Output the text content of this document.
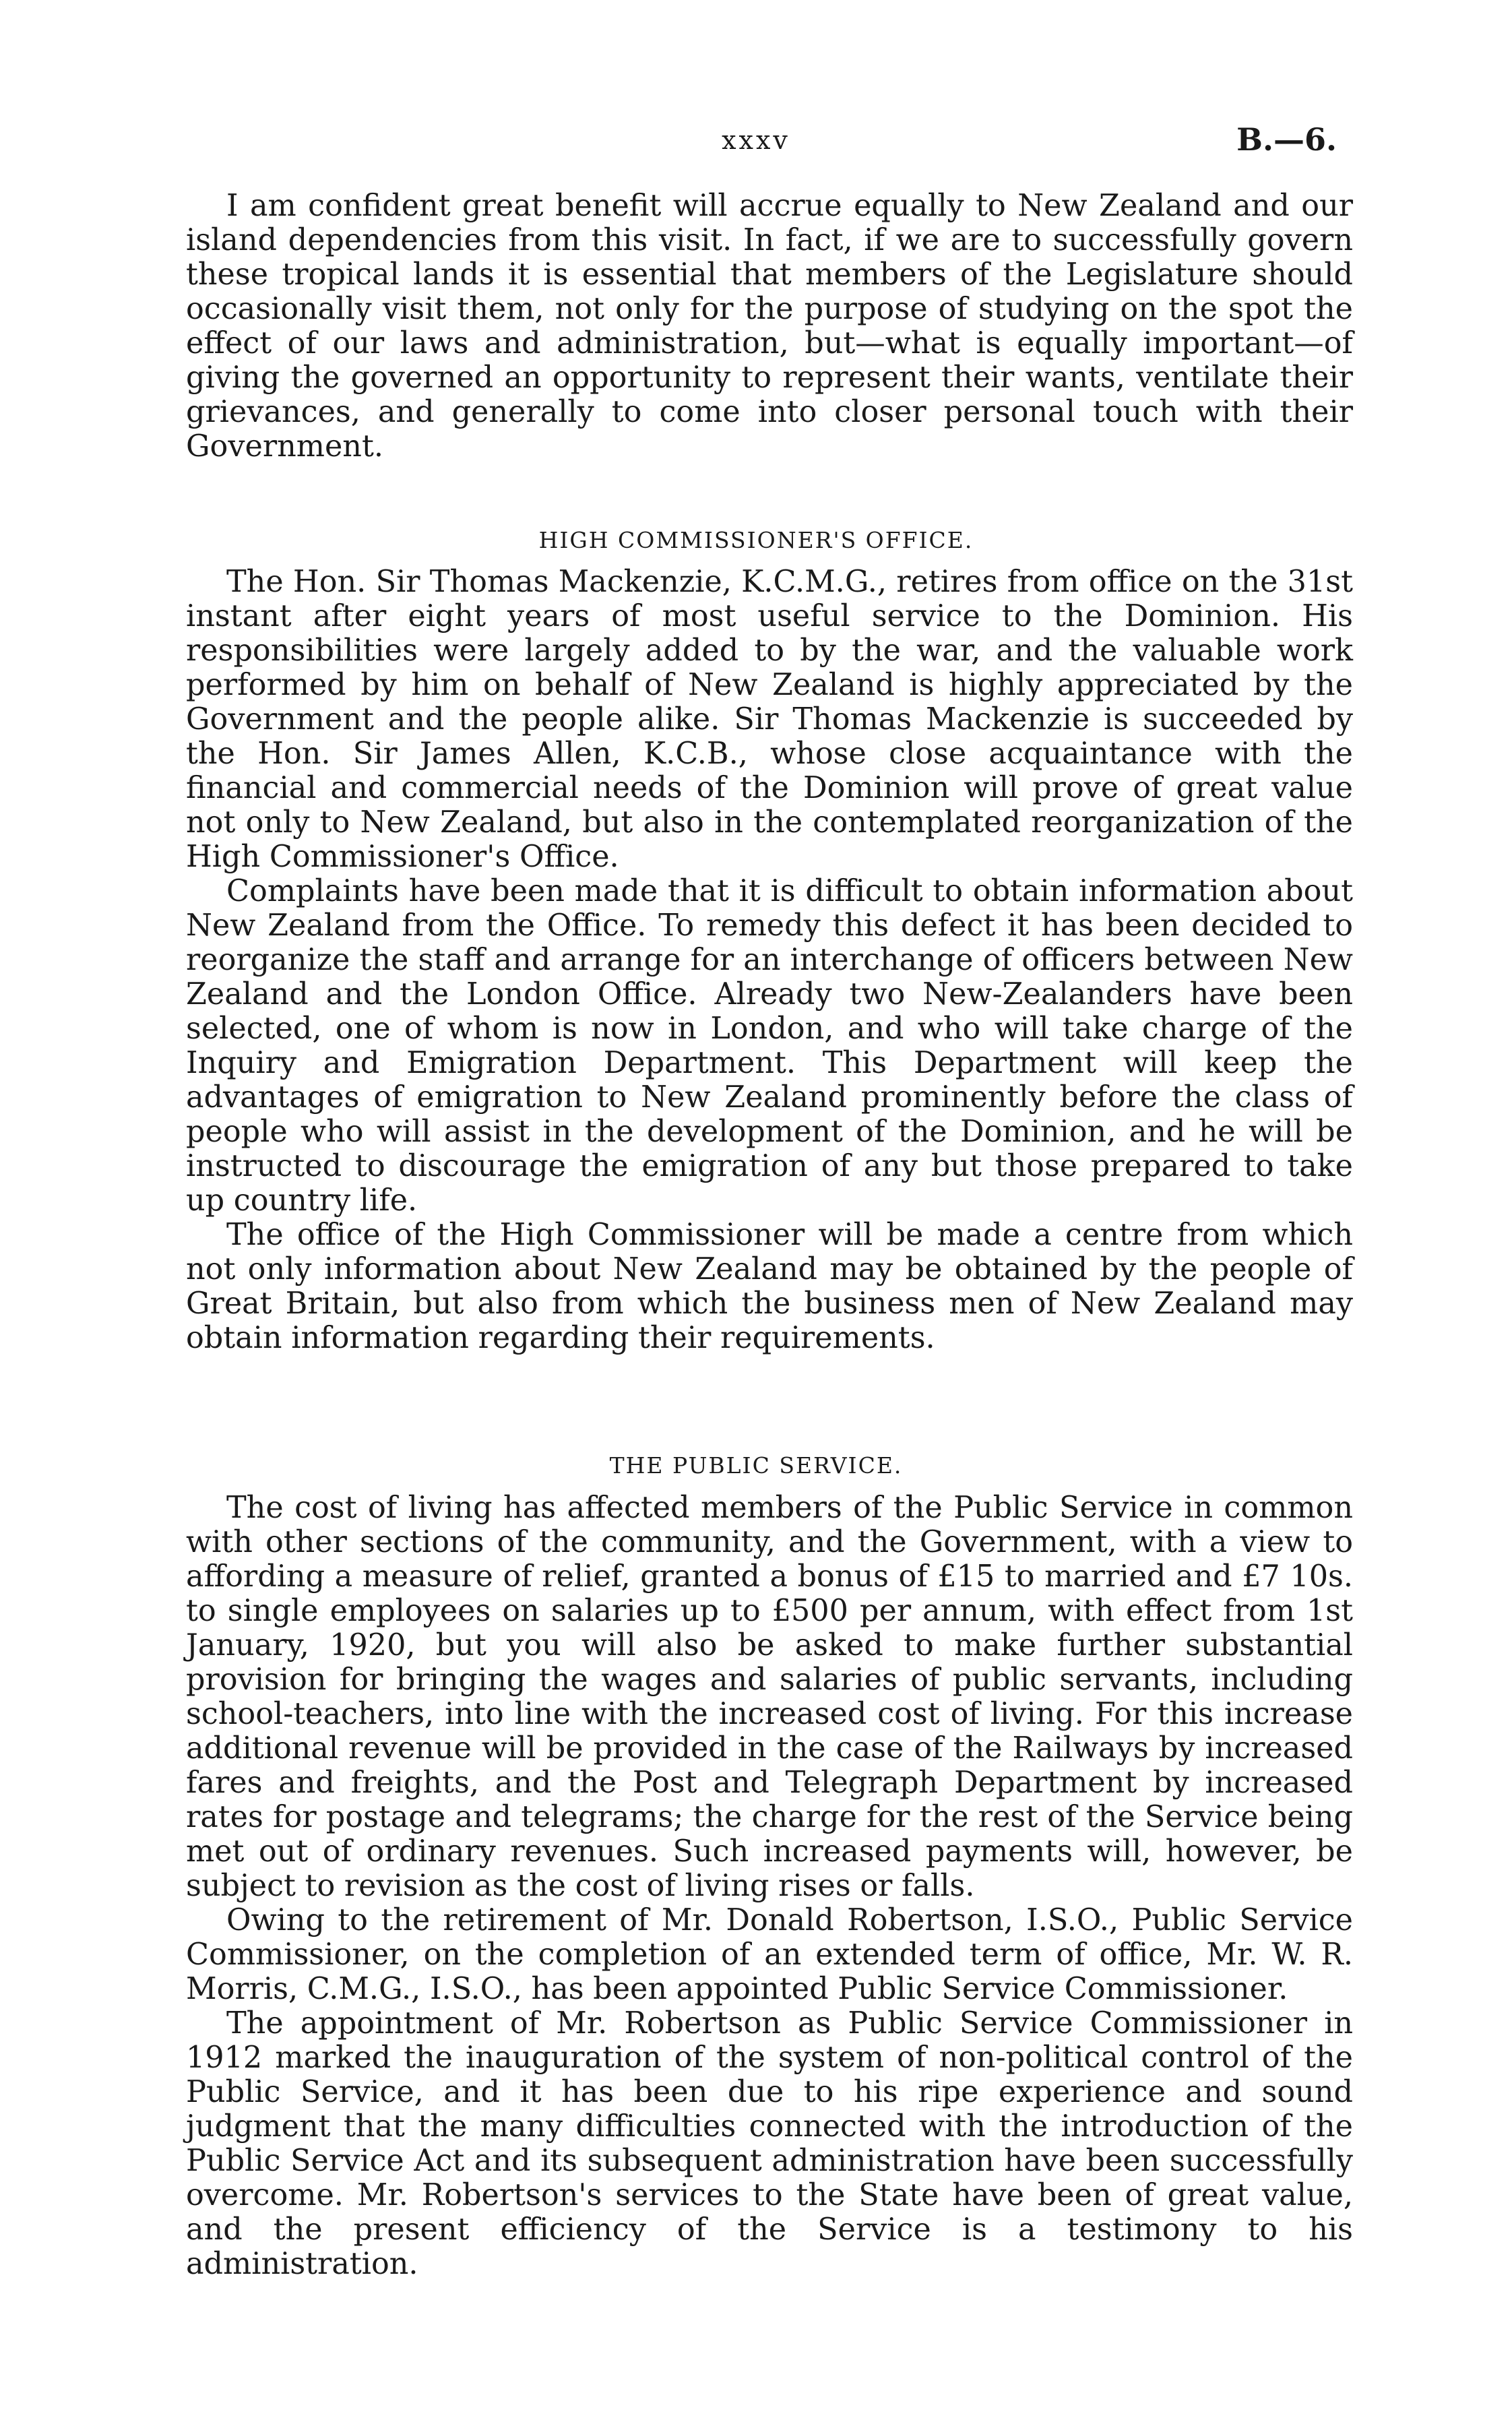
xxxv	B.—6.

I am confident great benefit will accrue equally to New Zealand and our island dependencies from this visit. In fact, if we are to successfully govern these tropical lands it is essential that members of the Legislature should occasionally visit them, not only for the purpose of studying on the spot the effect of our laws and administration, but—what is equally important—of giving the governed an opportunity to represent their wants, ventilate their grievances, and generally to come into closer personal touch with their Government.

HIGH COMMISSIONER'S OFFICE.

The Hon. Sir Thomas Mackenzie, K.C.M.G., retires from office on the 31st instant after eight years of most useful service to the Dominion. His responsibilities were largely added to by the war, and the valuable work performed by him on behalf of New Zealand is highly appreciated by the Government and the people alike. Sir Thomas Mackenzie is succeeded by the Hon. Sir James Allen, K.C.B., whose close acquaintance with the financial and commercial needs of the Dominion will prove of great value not only to New Zealand, but also in the contemplated reorganization of the High Commissioner's Office.

Complaints have been made that it is difficult to obtain information about New Zealand from the Office. To remedy this defect it has been decided to reorganize the staff and arrange for an interchange of officers between New Zealand and the London Office. Already two New-Zealanders have been selected, one of whom is now in London, and who will take charge of the Inquiry and Emigration Department. This Department will keep the advantages of emigration to New Zealand prominently before the class of people who will assist in the development of the Dominion, and he will be instructed to discourage the emigration of any but those prepared to take up country life.

The office of the High Commissioner will be made a centre from which not only information about New Zealand may be obtained by the people of Great Britain, but also from which the business men of New Zealand may obtain information regarding their requirements.

THE PUBLIC SERVICE.

The cost of living has affected members of the Public Service in common with other sections of the community, and the Government, with a view to affording a measure of relief, granted a bonus of £15 to married and £7 10s. to single employees on salaries up to £500 per annum, with effect from 1st January, 1920, but you will also be asked to make further substantial provision for bringing the wages and salaries of public servants, including school-teachers, into line with the increased cost of living. For this increase additional revenue will be provided in the case of the Railways by increased fares and freights, and the Post and Telegraph Department by increased rates for postage and telegrams; the charge for the rest of the Service being met out of ordinary revenues. Such increased payments will, however, be subject to revision as the cost of living rises or falls.

Owing to the retirement of Mr. Donald Robertson, I.S.O., Public Service Commissioner, on the completion of an extended term of office, Mr. W. R. Morris, C.M.G., I.S.O., has been appointed Public Service Commissioner.

The appointment of Mr. Robertson as Public Service Commissioner in 1912 marked the inauguration of the system of non-political control of the Public Service, and it has been due to his ripe experience and sound judgment that the many difficulties connected with the introduction of the Public Service Act and its subsequent administration have been successfully overcome. Mr. Robertson's services to the State have been of great value, and the present efficiency of the Service is a testimony to his administration.
